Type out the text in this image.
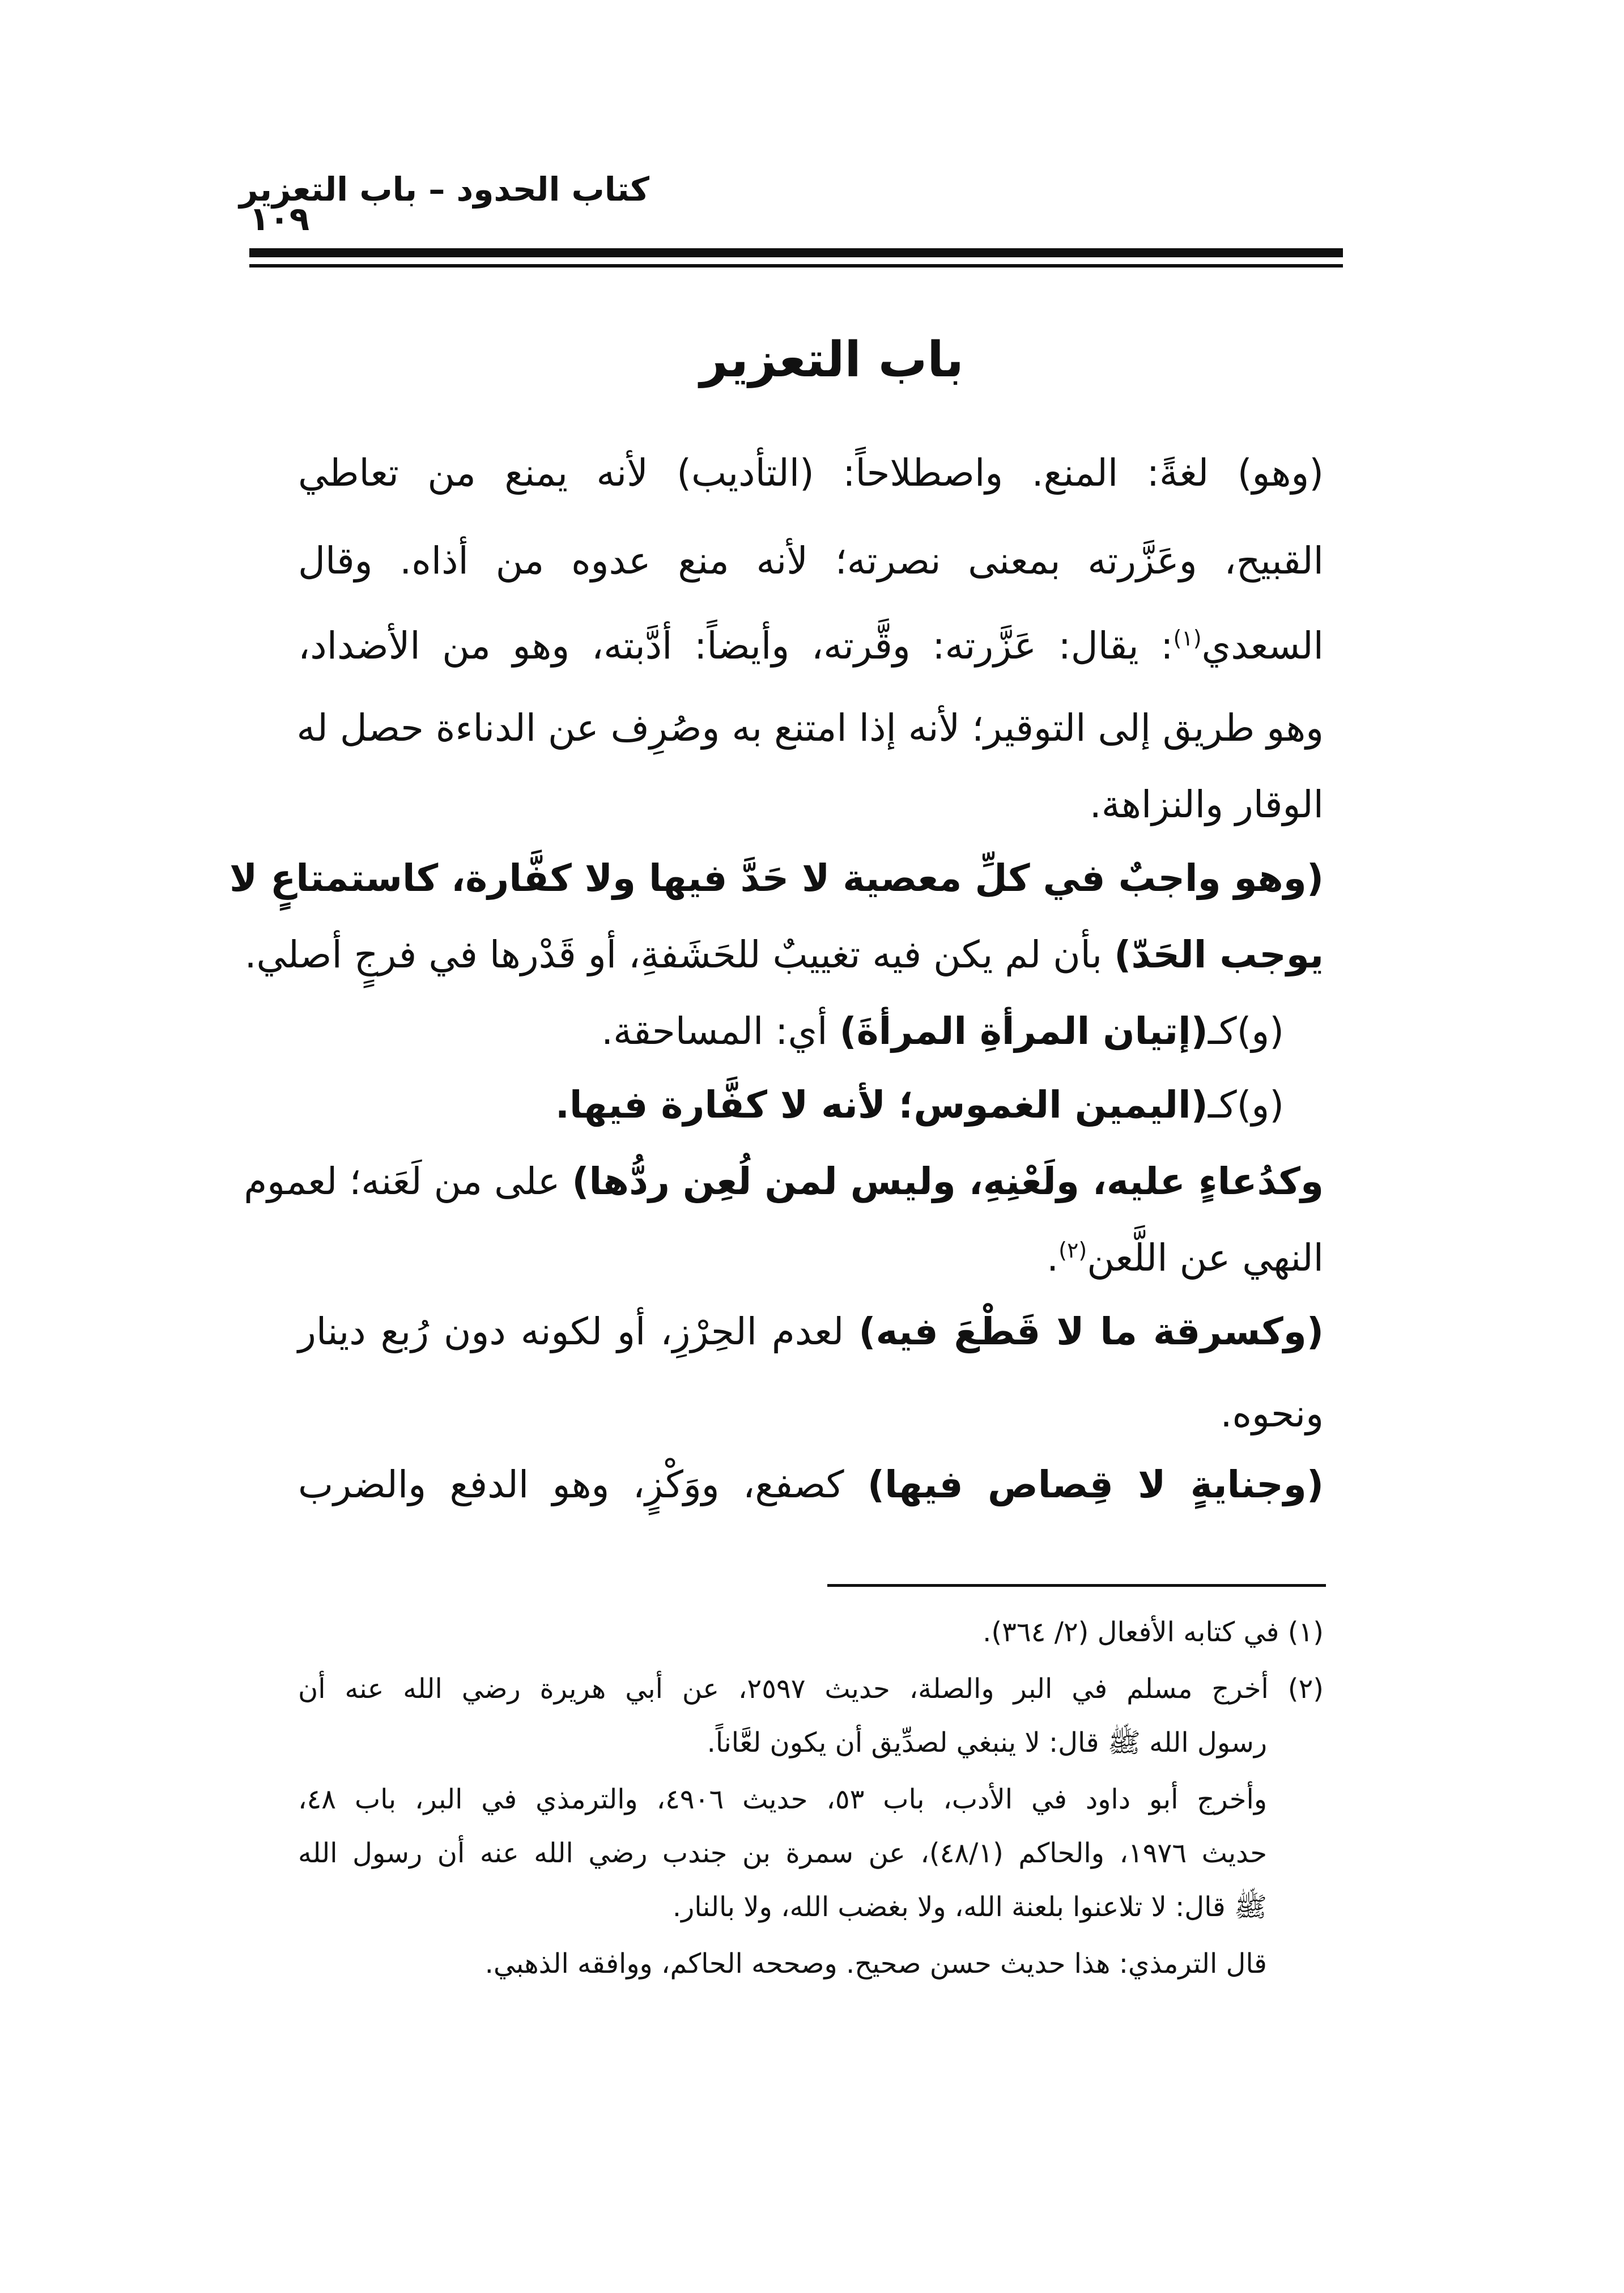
كتاب الحدود – باب التعزير
١٠٩
باب التعزير
(وهو) لغةً: المنع. واصطلاحاً: (التأديب) لأنه يمنع من تعاطي
القبيح، وعَزَّرته بمعنى نصرته؛ لأنه منع عدوه من أذاه. وقال
السعدي$^{(١)}$: يقال: عَزَّرته: وقَّرته، وأيضاً: أدَّبته، وهو من الأضداد،
وهو طريق إلى التوقير؛ لأنه إذا امتنع به وصُرِف عن الدناءة حصل له
الوقار والنزاهة.
(وهو واجبٌ في كلِّ معصية لا حَدَّ فيها ولا كفَّارة، كاستمتاعٍ لا
يوجب الحَدّ) بأن لم يكن فيه تغييبٌ للحَشَفةِ، أو قَدْرها في فرجٍ أصلي.
(و)كـ(إتيان المرأةِ المرأةَ) أي: المساحقة.
(و)كـ(اليمين الغموس؛ لأنه لا كفَّارة فيها.
وكدُعاءٍ عليه، ولَعْنِهِ، وليس لمن لُعِن ردُّها) على من لَعَنه؛ لعموم
النهي عن اللَّعن$^{(٢)}$.
(وكسرقة ما لا قَطْعَ فيه) لعدم الحِرْزِ، أو لكونه دون رُبع دينار
ونحوه.
(وجنايةٍ لا قِصاص فيها) كصفع، ووَكْزٍ، وهو الدفع والضرب
(١) في كتابه الأفعال (٢/ ٣٦٤).
(٢) أخرج مسلم في البر والصلة، حديث ٢٥٩٧، عن أبي هريرة رضي الله عنه أن
رسول الله ﷺ قال: لا ينبغي لصدِّيق أن يكون لعَّاناً.
وأخرج أبو داود في الأدب، باب ٥٣، حديث ٤٩٠٦، والترمذي في البر، باب ٤٨،
حديث ١٩٧٦، والحاكم (٤٨/١)، عن سمرة بن جندب رضي الله عنه أن رسول الله
ﷺ قال: لا تلاعنوا بلعنة الله، ولا بغضب الله، ولا بالنار.
قال الترمذي: هذا حديث حسن صحيح. وصححه الحاكم، ووافقه الذهبي.
